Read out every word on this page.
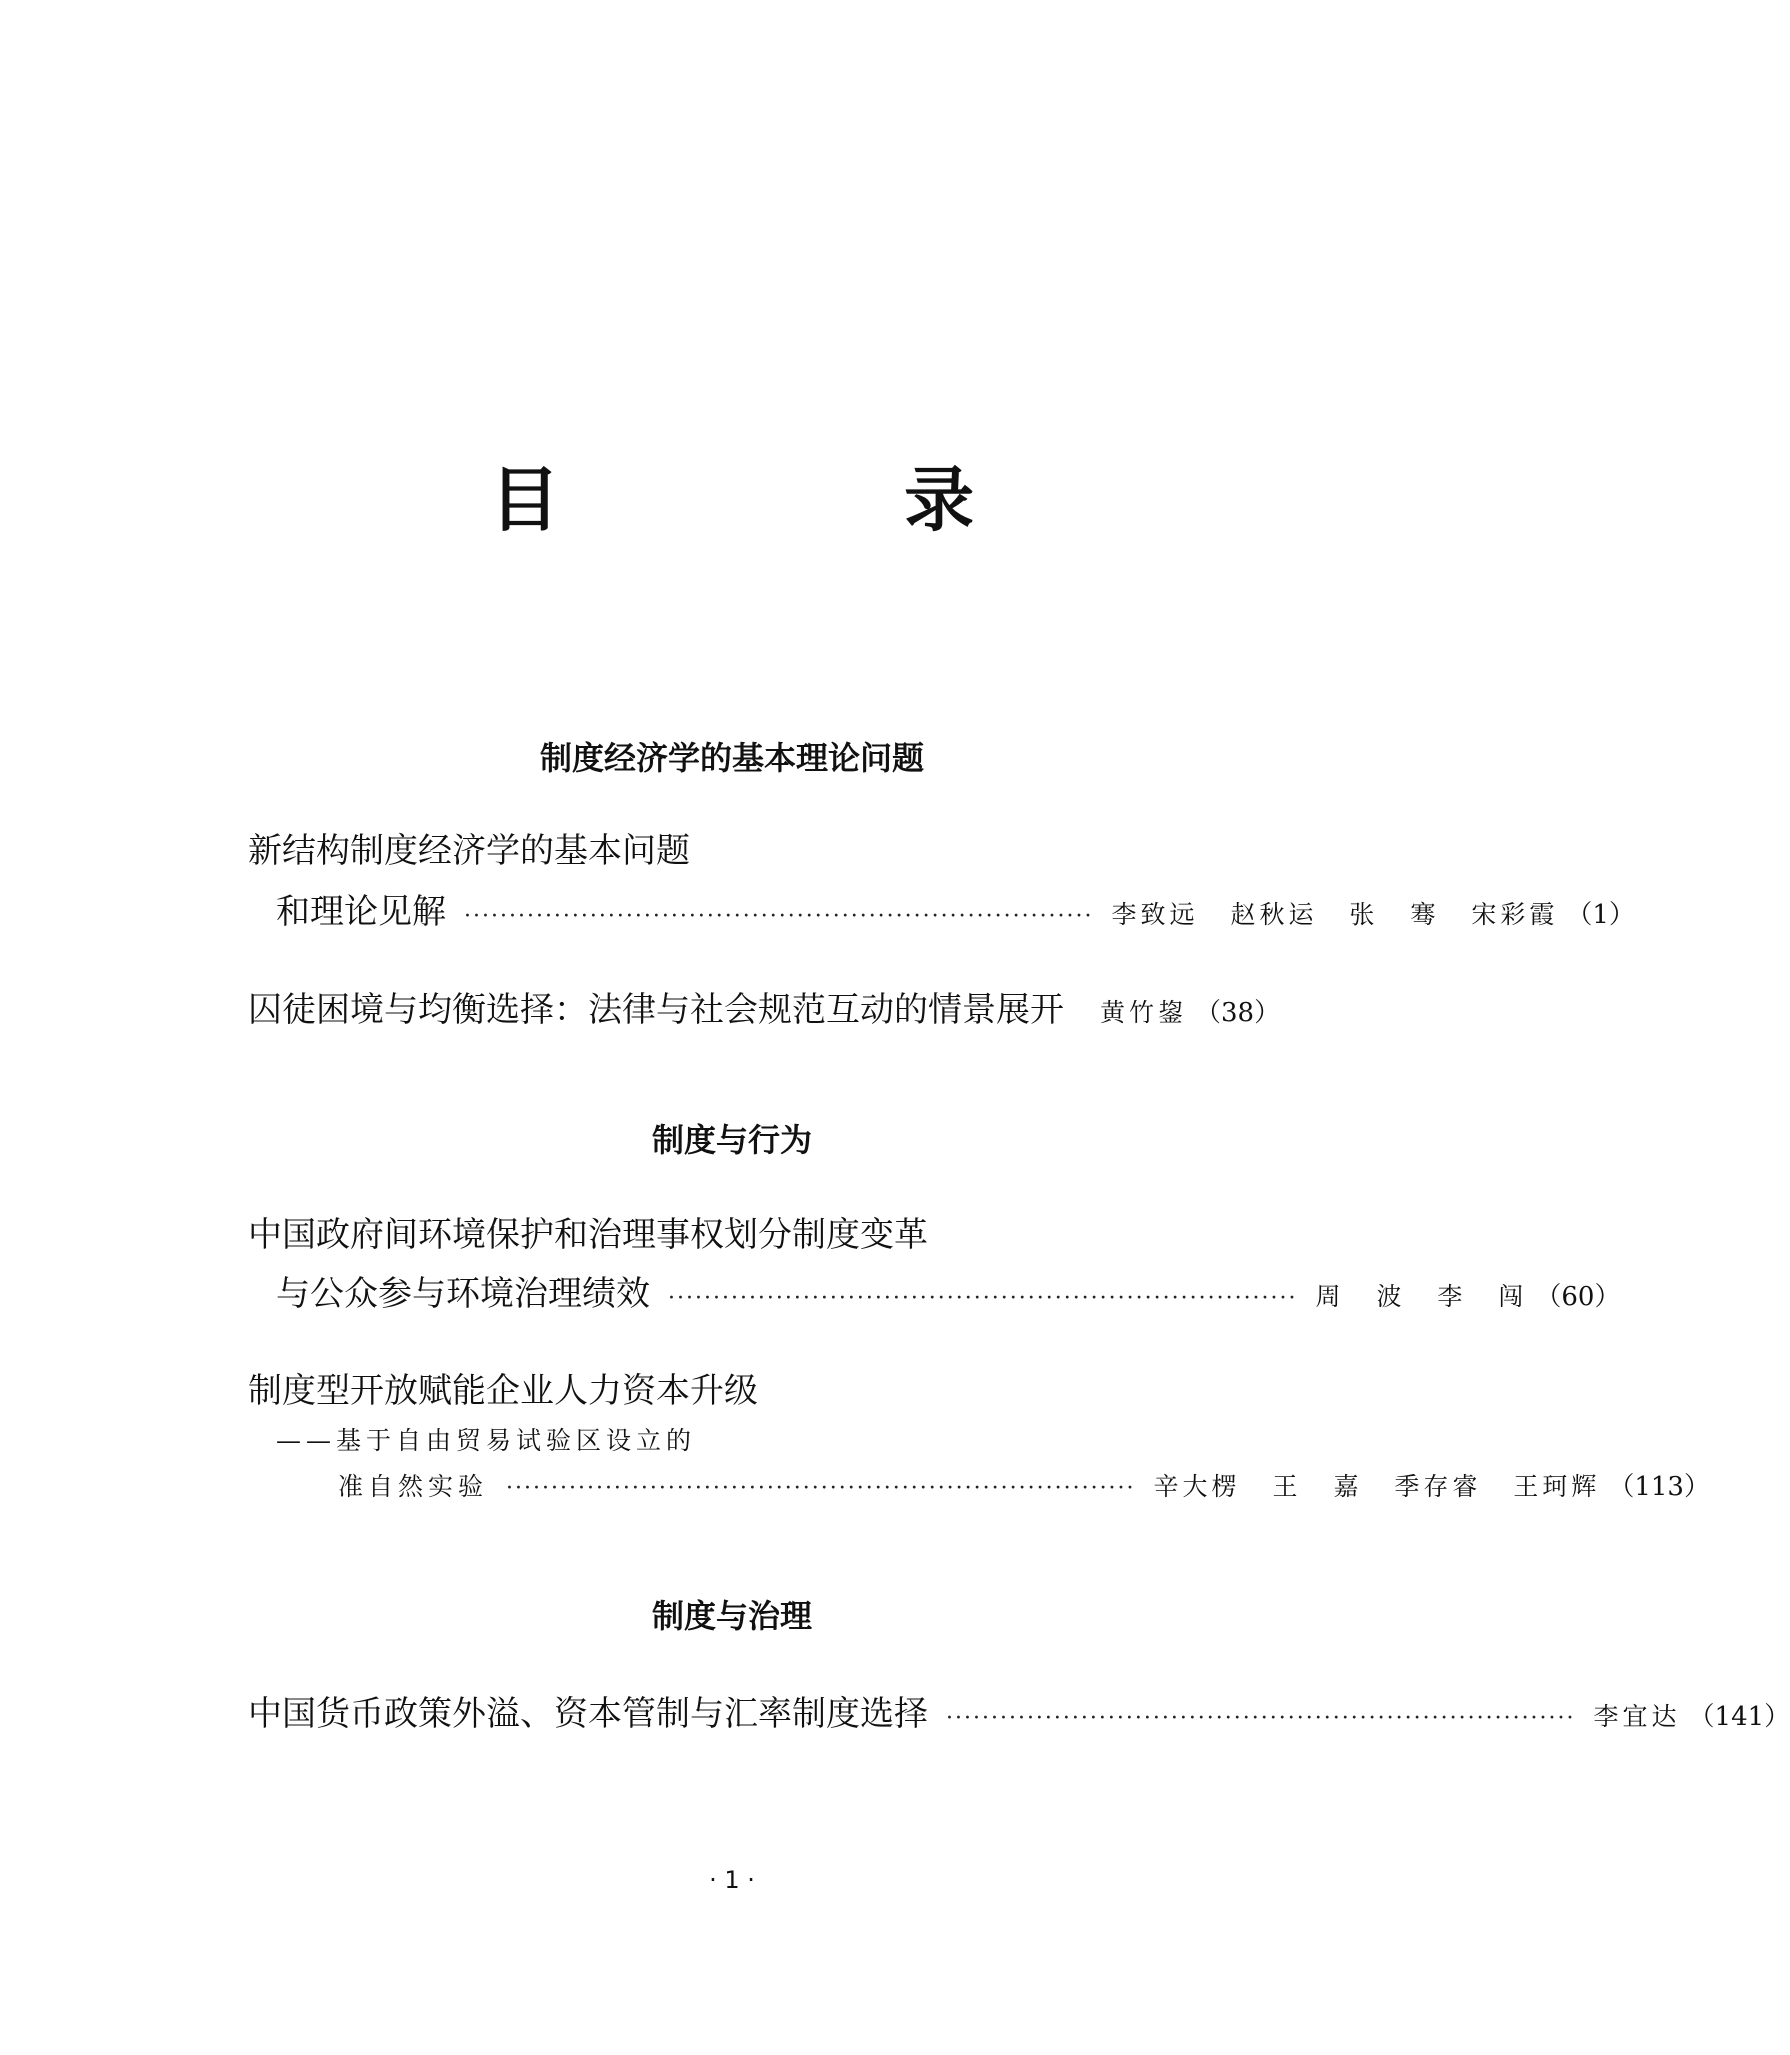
目 录
制度经济学的基本理论问题
新结构制度经济学的基本问题
和理论见解 ······································································ 李致远 赵秋运 张 骞 宋彩霞 （1）
囚徒困境与均衡选择：法律与社会规范互动的情景展开 黄竹鋆 （38）
制度与行为
中国政府间环境保护和治理事权划分制度变革
与公众参与环境治理绩效 ······································································ 周 波 李 闯 （60）
制度型开放赋能企业人力资本升级
——基于自由贸易试验区设立的
准自然实验 ······································································ 辛大楞 王 嘉 季存睿 王珂辉 （113）
制度与治理
中国货币政策外溢、资本管制与汇率制度选择 ······································································ 李宜达 （141）
· 1 ·
